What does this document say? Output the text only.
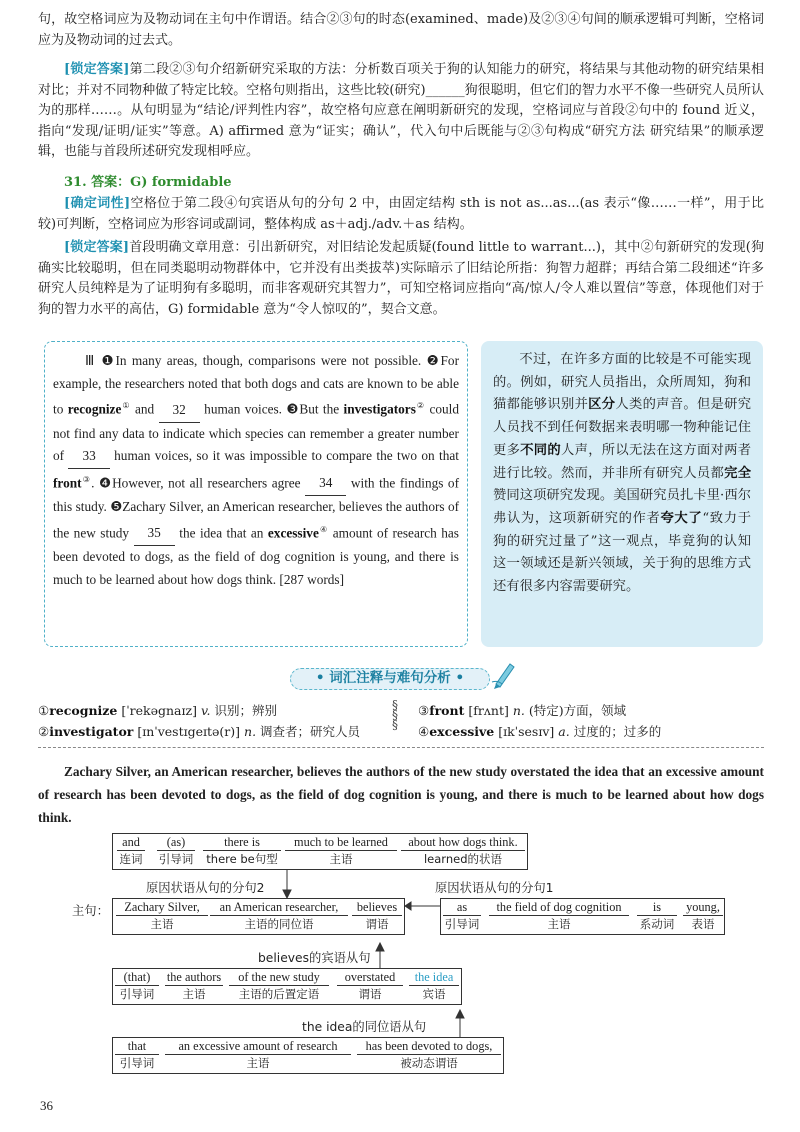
句，故空格词应为及物动词在主句中作谓语。结合②③句的时态(examined、made)及②③④句间的顺承逻辑可判断，空格词应为及物动词的过去式。
[锁定答案]第二段②③句介绍新研究采取的方法：分析数百项关于狗的认知能力的研究，将结果与其他动物的研究结果相对比；并对不同物种做了特定比较。空格句则指出，这些比较(研究)______狗很聪明，但它们的智力水平不像一些研究人员所认为的那样……。从句明显为“结论/评判性内容”，故空格句应意在阐明新研究的发现，空格词应与首段②句中的 found 近义，指向“发现/证明/证实”等意。A) affirmed 意为“证实；确认”，代入句中后既能与②③句构成“研究方法 研究结果”的顺承逻辑，也能与首段所述研究发现相呼应。
31. 答案：G) formidable
[确定词性]空格位于第二段④句宾语从句的分句 2 中，由固定结构 sth is not as...as...(as 表示“像……一样”，用于比较)可判断，空格词应为形容词或副词，整体构成 as＋adj./adv.＋as 结构。
[锁定答案]首段明确文章用意：引出新研究，对旧结论发起质疑(found little to warrant...)，其中②句新研究的发现(狗确实比较聪明，但在同类聪明动物群体中，它并没有出类拔萃)实际暗示了旧结论所指：狗智力超群；再结合第二段细述“许多研究人员纯粹是为了证明狗有多聪明，而非客观研究其智力”，可知空格词应指向“高/惊人/令人难以置信”等意，体现他们对于狗的智力水平的高估，G) formidable 意为“令人惊叹的”，契合文意。
Ⅲ ❶In many areas, though, comparisons were not possible. ❷For example, the researchers noted that both dogs and cats are known to be able to recognize① and 32 human voices. ❸But the investigators② could not find any data to indicate which species can remember a greater number of 33 human voices, so it was impossible to compare the two on that front③. ❹However, not all researchers agree 34 with the findings of this study. ❺Zachary Silver, an American researcher, believes the authors of the new study 35 the idea that an excessive④ amount of research has been devoted to dogs, as the field of dog cognition is young, and there is much to be learned about how dogs think. [287 words]
不过，在许多方面的比较是不可能实现的。例如，研究人员指出，众所周知，狗和猫都能够识别并区分人类的声音。但是研究人员找不到任何数据来表明哪一物种能记住更多不同的人声，所以无法在这方面对两者进行比较。然而，并非所有研究人员都完全赞同这项研究发现。美国研究员扎卡里·西尔弗认为，这项新研究的作者夸大了“致力于狗的研究过量了”这一观点，毕竟狗的认知这一领域还是新兴领域，关于狗的思维方式还有很多内容需要研究。
• 词汇注释与难句分析 •
①recognize [ˈrekəgnaɪz] v. 识别；辨别
②investigator [ɪnˈvestɪgeɪtə(r)] n. 调查者；研究人员
③front [frʌnt] n. (特定)方面，领域
④excessive [ɪkˈsesɪv] a. 过度的；过多的
§
§
§
Zachary Silver, an American researcher, believes the authors of the new study overstated the idea that an excessive amount of research has been devoted to dogs, as the field of dog cognition is young, and there is much to be learned about how dogs think.
主句：
and
连词
(as)
引导词
there is
there be句型
much to be learned
主语
about how dogs think.
learned的状语
原因状语从句的分句2	原因状语从句的分句1
Zachary Silver,
主语
an American researcher,
主语的同位语
believes
谓语
as
引导词
the field of dog cognition
主语
is
系动词
young,
表语
believes的宾语从句
(that)
引导词
the authors
主语
of the new study
主语的后置定语
overstated
谓语
the idea
宾语
the idea的同位语从句
that
引导词
an excessive amount of research
主语
has been devoted to dogs,
被动态谓语
36
